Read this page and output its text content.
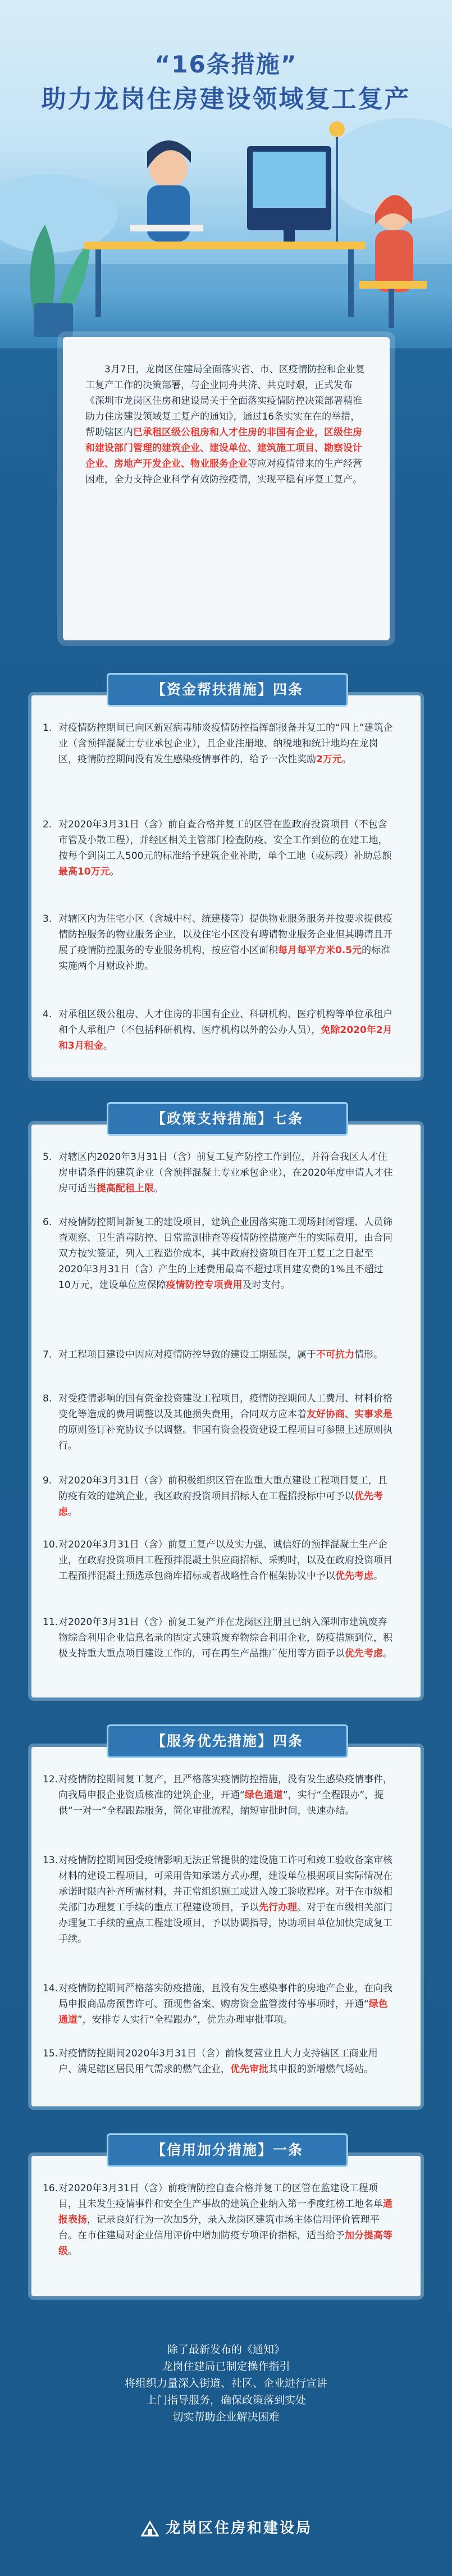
“16条措施”
助力龙岗住房建设领域复工复产

3月7日，龙岗区住建局全面落实省、市、区疫情防控和企业复工复产工作的决策部署，与企业同舟共济、共克时艰，正式发布《深圳市龙岗区住房和建设局关于全面落实疫情防控决策部署精准助力住房建设领域复工复产的通知》，通过16条实实在在的举措，帮助辖区内已承租区级公租房和人才住房的非国有企业，区级住房和建设部门管理的建筑企业、建设单位、建筑施工项目、勘察设计企业、房地产开发企业、物业服务企业等应对疫情带来的生产经营困难，全力支持企业科学有效防控疫情，实现平稳有序复工复产。

【资金帮扶措施】四条
1. 对疫情防控期间已向区新冠病毒肺炎疫情防控指挥部报备并复工的“四上”建筑企业（含预拌混凝土专业承包企业），且企业注册地、纳税地和统计地均在龙岗区，疫情防控期间没有发生感染疫情事件的，给予一次性奖励2万元。
2. 对2020年3月31日（含）前自查合格并复工的区管在监政府投资项目（不包含市管及小散工程），并经区相关主管部门检查防疫、安全工作到位的在建工地，按每个到岗工人500元的标准给予建筑企业补助，单个工地（或标段）补助总额最高10万元。
3. 对辖区内为住宅小区（含城中村、统建楼等）提供物业服务服务并按要求提供疫情防控服务的物业服务企业，以及住宅小区没有聘请物业服务企业但其聘请且开展了疫情防控服务的专业服务机构，按应管小区面积每月每平方米0.5元的标准实施两个月财政补助。
4. 对承租区级公租房、人才住房的非国有企业、科研机构、医疗机构等单位承租户和个人承租户（不包括科研机构、医疗机构以外的公办人员），免除2020年2月和3月租金。
【政策支持措施】七条
5. 对辖区内2020年3月31日（含）前复工复产防控工作到位，并符合我区人才住房申请条件的建筑企业（含预拌混凝土专业承包企业），在2020年度申请人才住房可适当提高配租上限。
6. 对疫情防控期间新复工的建设项目，建筑企业因落实施工现场封闭管理、人员筛查观察、卫生消毒防控、日常监测排查等疫情防控措施产生的实际费用，由合同双方按实签证，列入工程造价成本，其中政府投资项目在开工复工之日起至2020年3月31日（含）产生的上述费用最高不超过项目建安费的1%且不超过10万元，建设单位应保障疫情防控专项费用及时支付。
7. 对工程项目建设中因应对疫情防控导致的建设工期延误，属于不可抗力情形。
8. 对受疫情影响的国有资金投资建设工程项目，疫情防控期间人工费用、材料价格变化等造成的费用调整以及其他损失费用，合同双方应本着友好协商、实事求是的原则签订补充协议予以调整。非国有资金投资建设工程项目可参照上述原则执行。
9. 对2020年3月31日（含）前积极组织区管在监重大重点建设工程项目复工，且防疫有效的建筑企业，我区政府投资项目招标人在工程招投标中可予以优先考虑。
10. 对2020年3月31日（含）前复工复产以及实力强、诚信好的预拌混凝土生产企业，在政府投资项目工程预拌混凝土供应商招标、采购时，以及在政府投资项目工程预拌混凝土预选承包商库招标或者战略性合作框架协议中予以优先考虑。
11. 对2020年3月31日（含）前复工复产并在龙岗区注册且已纳入深圳市建筑废弃物综合利用企业信息名录的固定式建筑废弃物综合利用企业，防疫措施到位，积极支持重大重点项目建设工作的，可在再生产品推广使用等方面予以优先考虑。
【服务优先措施】四条
12. 对疫情防控期间复工复产，且严格落实疫情防控措施，没有发生感染疫情事件，向我局申报企业资质核准的建筑企业，开通“绿色通道”，实行“全程跟办”，提供“一对一”全程跟踪服务，简化审批流程，缩短审批时间，快速办结。
13. 对疫情防控期间因受疫情影响无法正常提供的建设施工许可和竣工验收备案审核材料的建设工程项目，可采用告知承诺方式办理，建设单位根据项目实际情况在承诺时限内补齐所需材料，并正常组织施工或进入竣工验收程序。对于在市级相关部门办理复工手续的重点工程建设项目，予以先行办理。对于在市级相关部门办理复工手续的重点工程建设项目，予以协调指导，协助项目单位加快完成复工手续。
14. 对疫情防控期间严格落实防疫措施，且没有发生感染事件的房地产企业，在向我局申报商品房预售许可、预现售备案、购房资金监管拨付等事项时，开通“绿色通道”，安排专人实行“全程跟办”，优先办理审批事项。
15. 对疫情防控期间2020年3月31日（含）前恢复营业且大力支持辖区工商业用户、满足辖区居民用气需求的燃气企业，优先审批其申报的新增燃气场站。
【信用加分措施】一条
16. 对2020年3月31日（含）前疫情防控自查合格并复工的区管在监建设工程项目，且未发生疫情事件和安全生产事故的建筑企业纳入第一季度红榜工地名单通报表扬，记录良好行为一次加5分，录入龙岗区建筑市场主体信用评价管理平台。在市住建局对企业信用评价中增加防疫专项评价指标，适当给予加分提高等级。
除了最新发布的《通知》
龙岗住建局已制定操作指引
将组织力量深入街道、社区、企业进行宣讲
上门指导服务，确保政策落到实处
切实帮助企业解决困难
龙岗区住房和建设局
